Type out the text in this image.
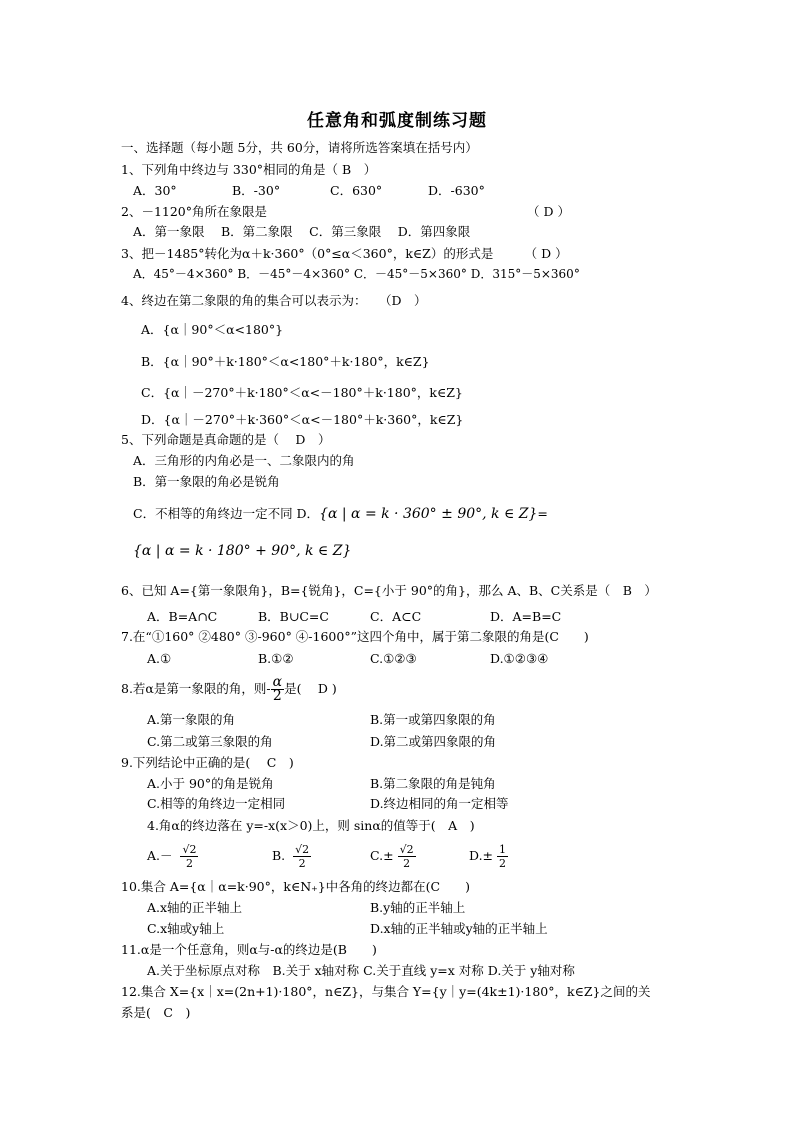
任意角和弧度制练习题
一、选择题（每小题 5分，共 60分，请将所选答案填在括号内）
1、下列角中终边与 330°相同的角是（ B　）
A．30°	B．-30°	C．630°	D．-630°
2、－1120°角所在象限是	（ D ）
A．第一象限　 B．第二象限　 C．第三象限　 D．第四象限
3、把－1485°转化为α＋k·360°（0°≤α＜360°，k∈Z）的形式是　　　（ D ）
A．45°－4×360° B．－45°－4×360° C．－45°－5×360° D．315°－5×360°
4、终边在第二象限的角的集合可以表示为：　　（D　）
A．{α｜90°＜α<180°}
B．{α｜90°＋k·180°＜α<180°＋k·180°，k∈Z}
C．{α｜－270°＋k·180°＜α<－180°＋k·180°，k∈Z}
D．{α｜－270°＋k·360°＜α<－180°＋k·360°，k∈Z}
5、下列命题是真命题的是（　 D　）
A．三角形的内角必是一、二象限内的角
B．第一象限的角必是锐角
C．不相等的角终边一定不同 D．{α | α = k · 360° ± 90°, k ∈ Z}=
{α | α = k · 180° + 90°, k ∈ Z}
6、已知 A={第一象限角}，B={锐角}，C={小于 90°的角}，那么 A、B、C关系是（　B　）
A．B=A∩C	B．B∪C=C	C．A⊂C	D．A=B=C
7.在“①160° ②480° ③-960° ④-1600°”这四个角中，属于第二象限的角是(C　　)
A.①	B.①②	C.①②③	D.①②③④
8.若α是第一象限的角，则- $\frac{\alpha}{2}$ 是(　 D )
A.第一象限的角	B.第一或第四象限的角
C.第二或第三象限的角	D.第二或第四象限的角
9.下列结论中正确的是(　 C　)
A.小于 90°的角是锐角	B.第二象限的角是钝角
C.相等的角终边一定相同	D.终边相同的角一定相等
4.角α的终边落在 y=-x(x＞0)上，则 sinα的值等于(　A　)
$A.- \frac{√2}{2}$	B. $\frac{√2}{2}$	$C.\pm \frac{√2}{2}$	$D.\pm \frac{1}{2}$
10.集合 A={α｜α=k·90°，k∈N₊}中各角的终边都在(C　　)
A.x轴的正半轴上	B.y轴的正半轴上
C.x轴或y轴上	D.x轴的正半轴或y轴的正半轴上
11.α是一个任意角，则α与-α的终边是(B　　)
A.关于坐标原点对称　B.关于 x轴对称 C.关于直线 y=x 对称 D.关于 y轴对称
12.集合 X={x｜x=(2n+1)·180°，n∈Z}，与集合 Y={y｜y=(4k±1)·180°，k∈Z}之间的关
系是(　C　)
